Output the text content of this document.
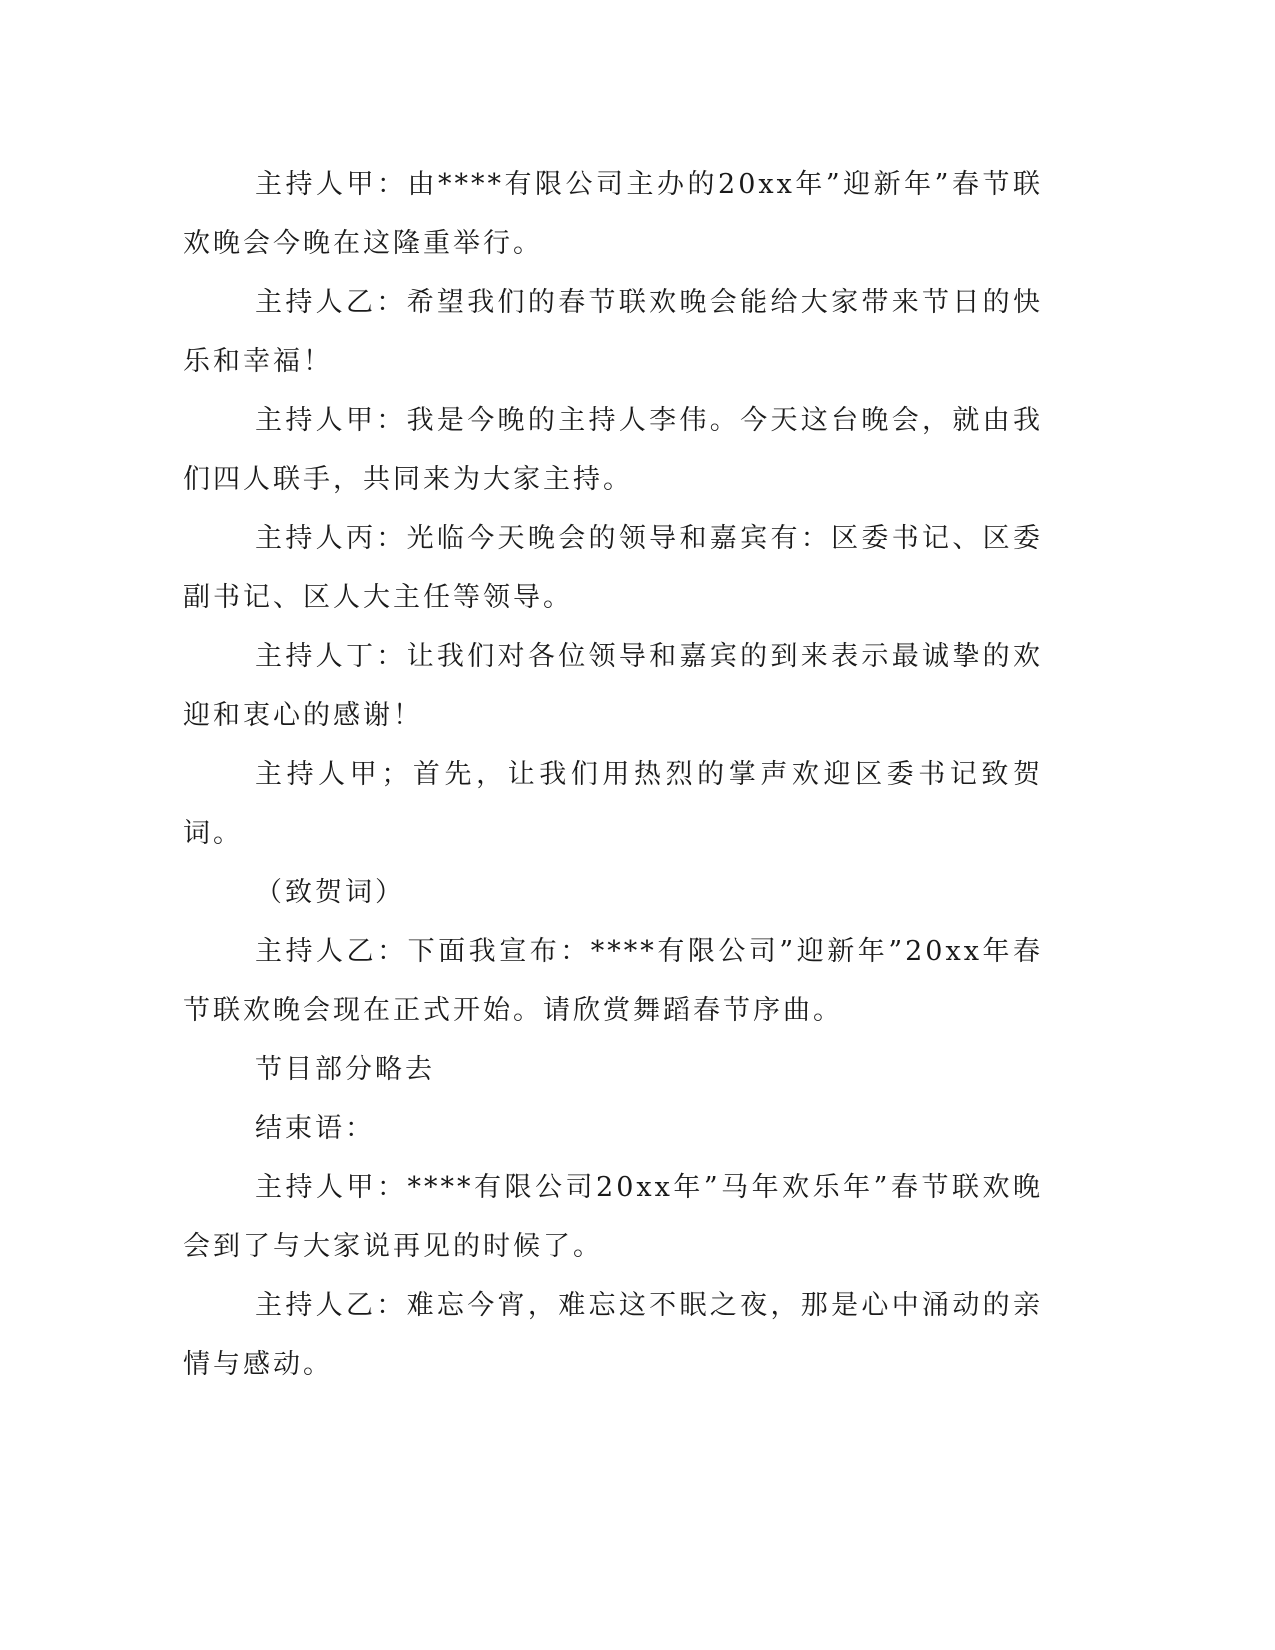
主持人甲：由****有限公司主办的20xx年”迎新年”春节联欢晚会今晚在这隆重举行。

主持人乙：希望我们的春节联欢晚会能给大家带来节日的快乐和幸福！

主持人甲：我是今晚的主持人李伟。今天这台晚会，就由我们四人联手，共同来为大家主持。

主持人丙：光临今天晚会的领导和嘉宾有：区委书记、区委副书记、区人大主任等领导。

主持人丁：让我们对各位领导和嘉宾的到来表示最诚挚的欢迎和衷心的感谢！

主持人甲；首先，让我们用热烈的掌声欢迎区委书记致贺词。

（致贺词）

主持人乙：下面我宣布：****有限公司”迎新年”20xx年春节联欢晚会现在正式开始。请欣赏舞蹈春节序曲。

节目部分略去

结束语：

主持人甲：****有限公司20xx年”马年欢乐年”春节联欢晚会到了与大家说再见的时候了。

主持人乙：难忘今宵，难忘这不眠之夜，那是心中涌动的亲情与感动。
